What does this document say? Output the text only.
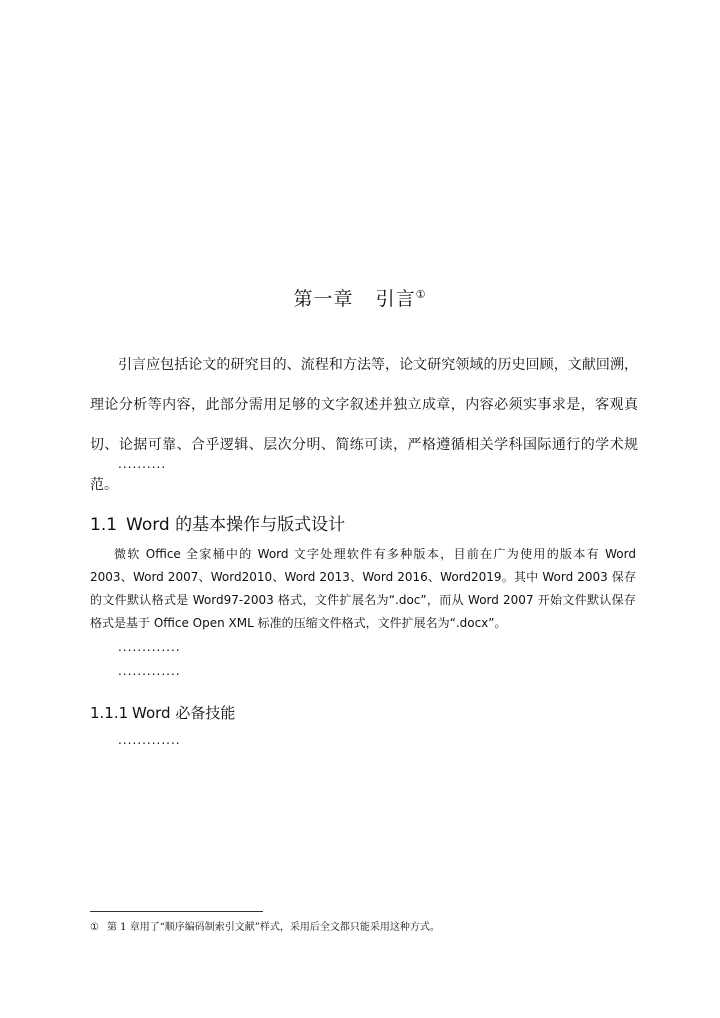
第一章 引言①
引言应包括论文的研究目的、流程和方法等，论文研究领域的历史回顾，文献回溯，理论分析等内容，此部分需用足够的文字叙述并独立成章，内容必须实事求是，客观真切、论据可靠、合乎逻辑、层次分明、简练可读，严格遵循相关学科国际通行的学术规范。
..........
1.1 Word 的基本操作与版式设计
微软 Office 全家桶中的 Word 文字处理软件有多种版本，目前在广为使用的版本有 Word 2003、Word 2007、Word2010、Word 2013、Word 2016、Word2019。其中 Word 2003 保存的文件默认格式是 Word97-2003 格式，文件扩展名为“.doc”，而从 Word 2007 开始文件默认保存格式是基于 Office Open XML 标准的压缩文件格式，文件扩展名为“.docx”。
.............
.............
1.1.1 Word 必备技能
.............
① 第 1 章用了“顺序编码制索引文献”样式，采用后全文都只能采用这种方式。
